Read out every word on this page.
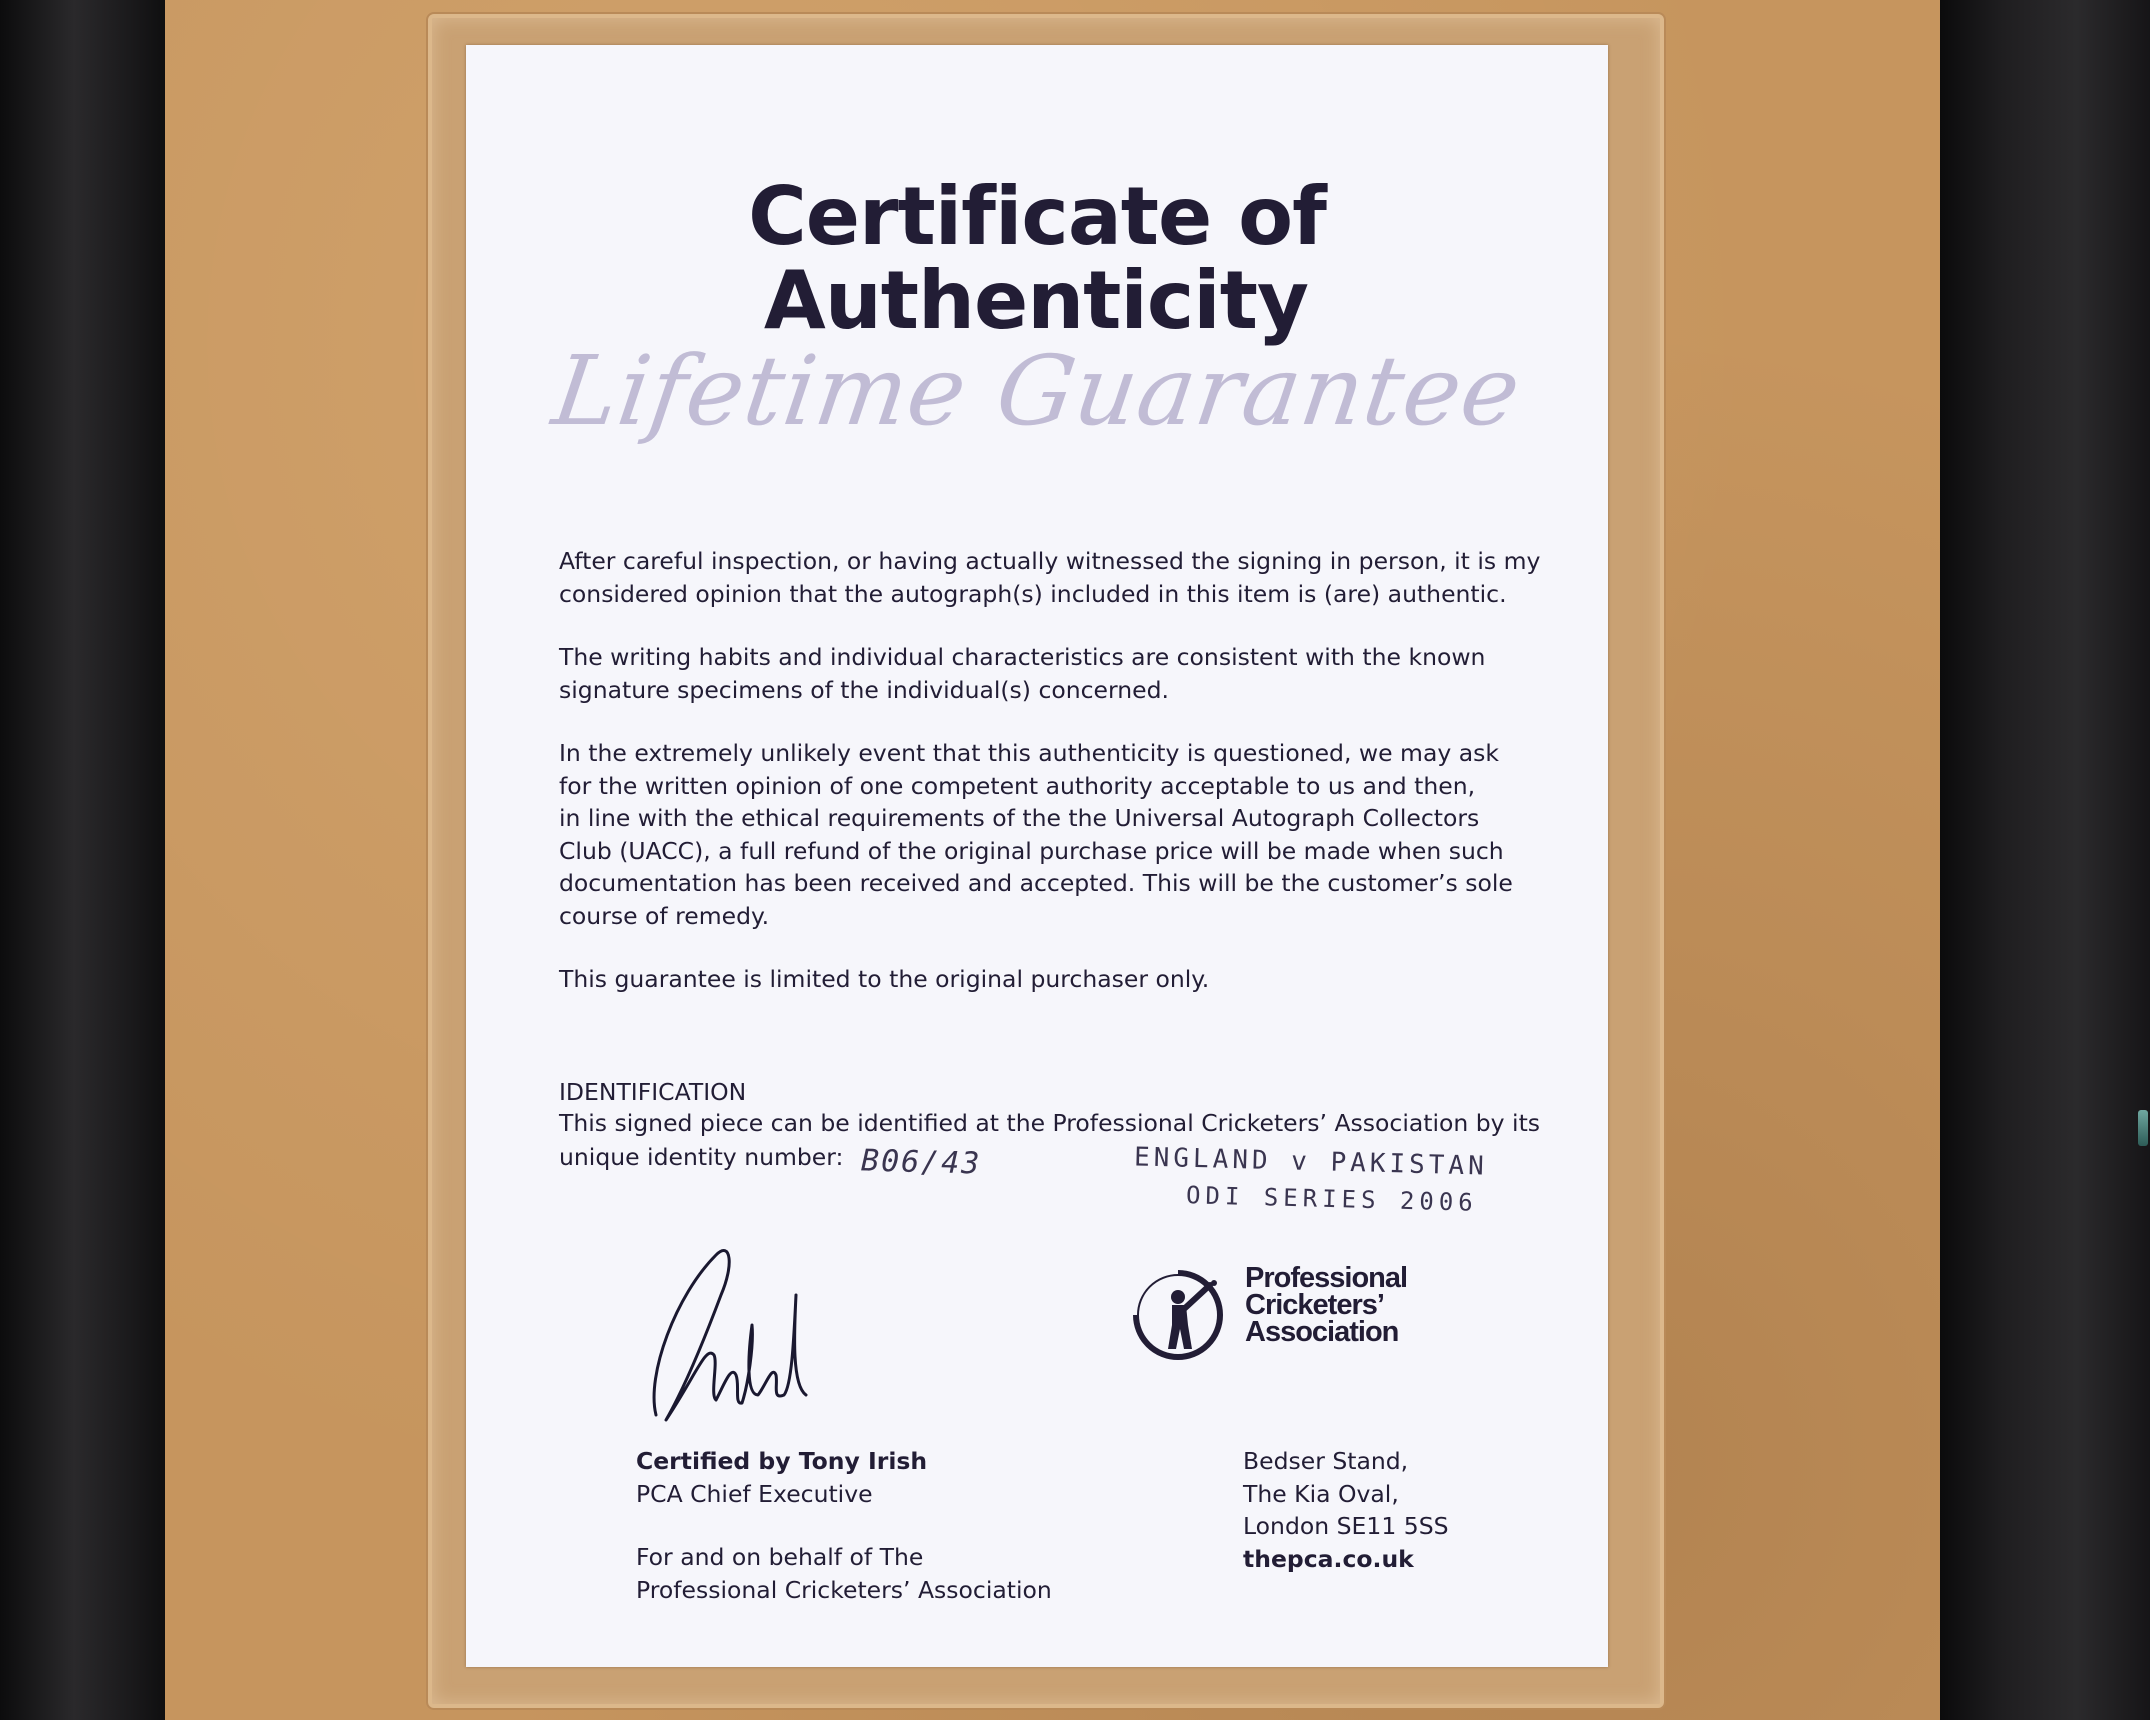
Certificate of
Authenticity
Lifetime Guarantee

After careful inspection, or having actually witnessed the signing in person, it is my
considered opinion that the autograph(s) included in this item is (are) authentic.

The writing habits and individual characteristics are consistent with the known
signature specimens of the individual(s) concerned.

In the extremely unlikely event that this authenticity is questioned, we may ask
for the written opinion of one competent authority acceptable to us and then,
in line with the ethical requirements of the the Universal Autograph Collectors
Club (UACC), a full refund of the original purchase price will be made when such
documentation has been received and accepted. This will be the customer’s sole
course of remedy.

This guarantee is limited to the original purchaser only.

IDENTIFICATION

This signed piece can be identified at the Professional Cricketers’ Association by its

unique identity number: B06/43	ENGLAND v PAKISTAN
ODI SERIES 2006
Professional
Cricketers’
Association
Certified by Tony Irish
PCA Chief Executive
For and on behalf of The
Professional Cricketers’ Association
Bedser Stand,
The Kia Oval,
London SE11 5SS
thepca.co.uk
